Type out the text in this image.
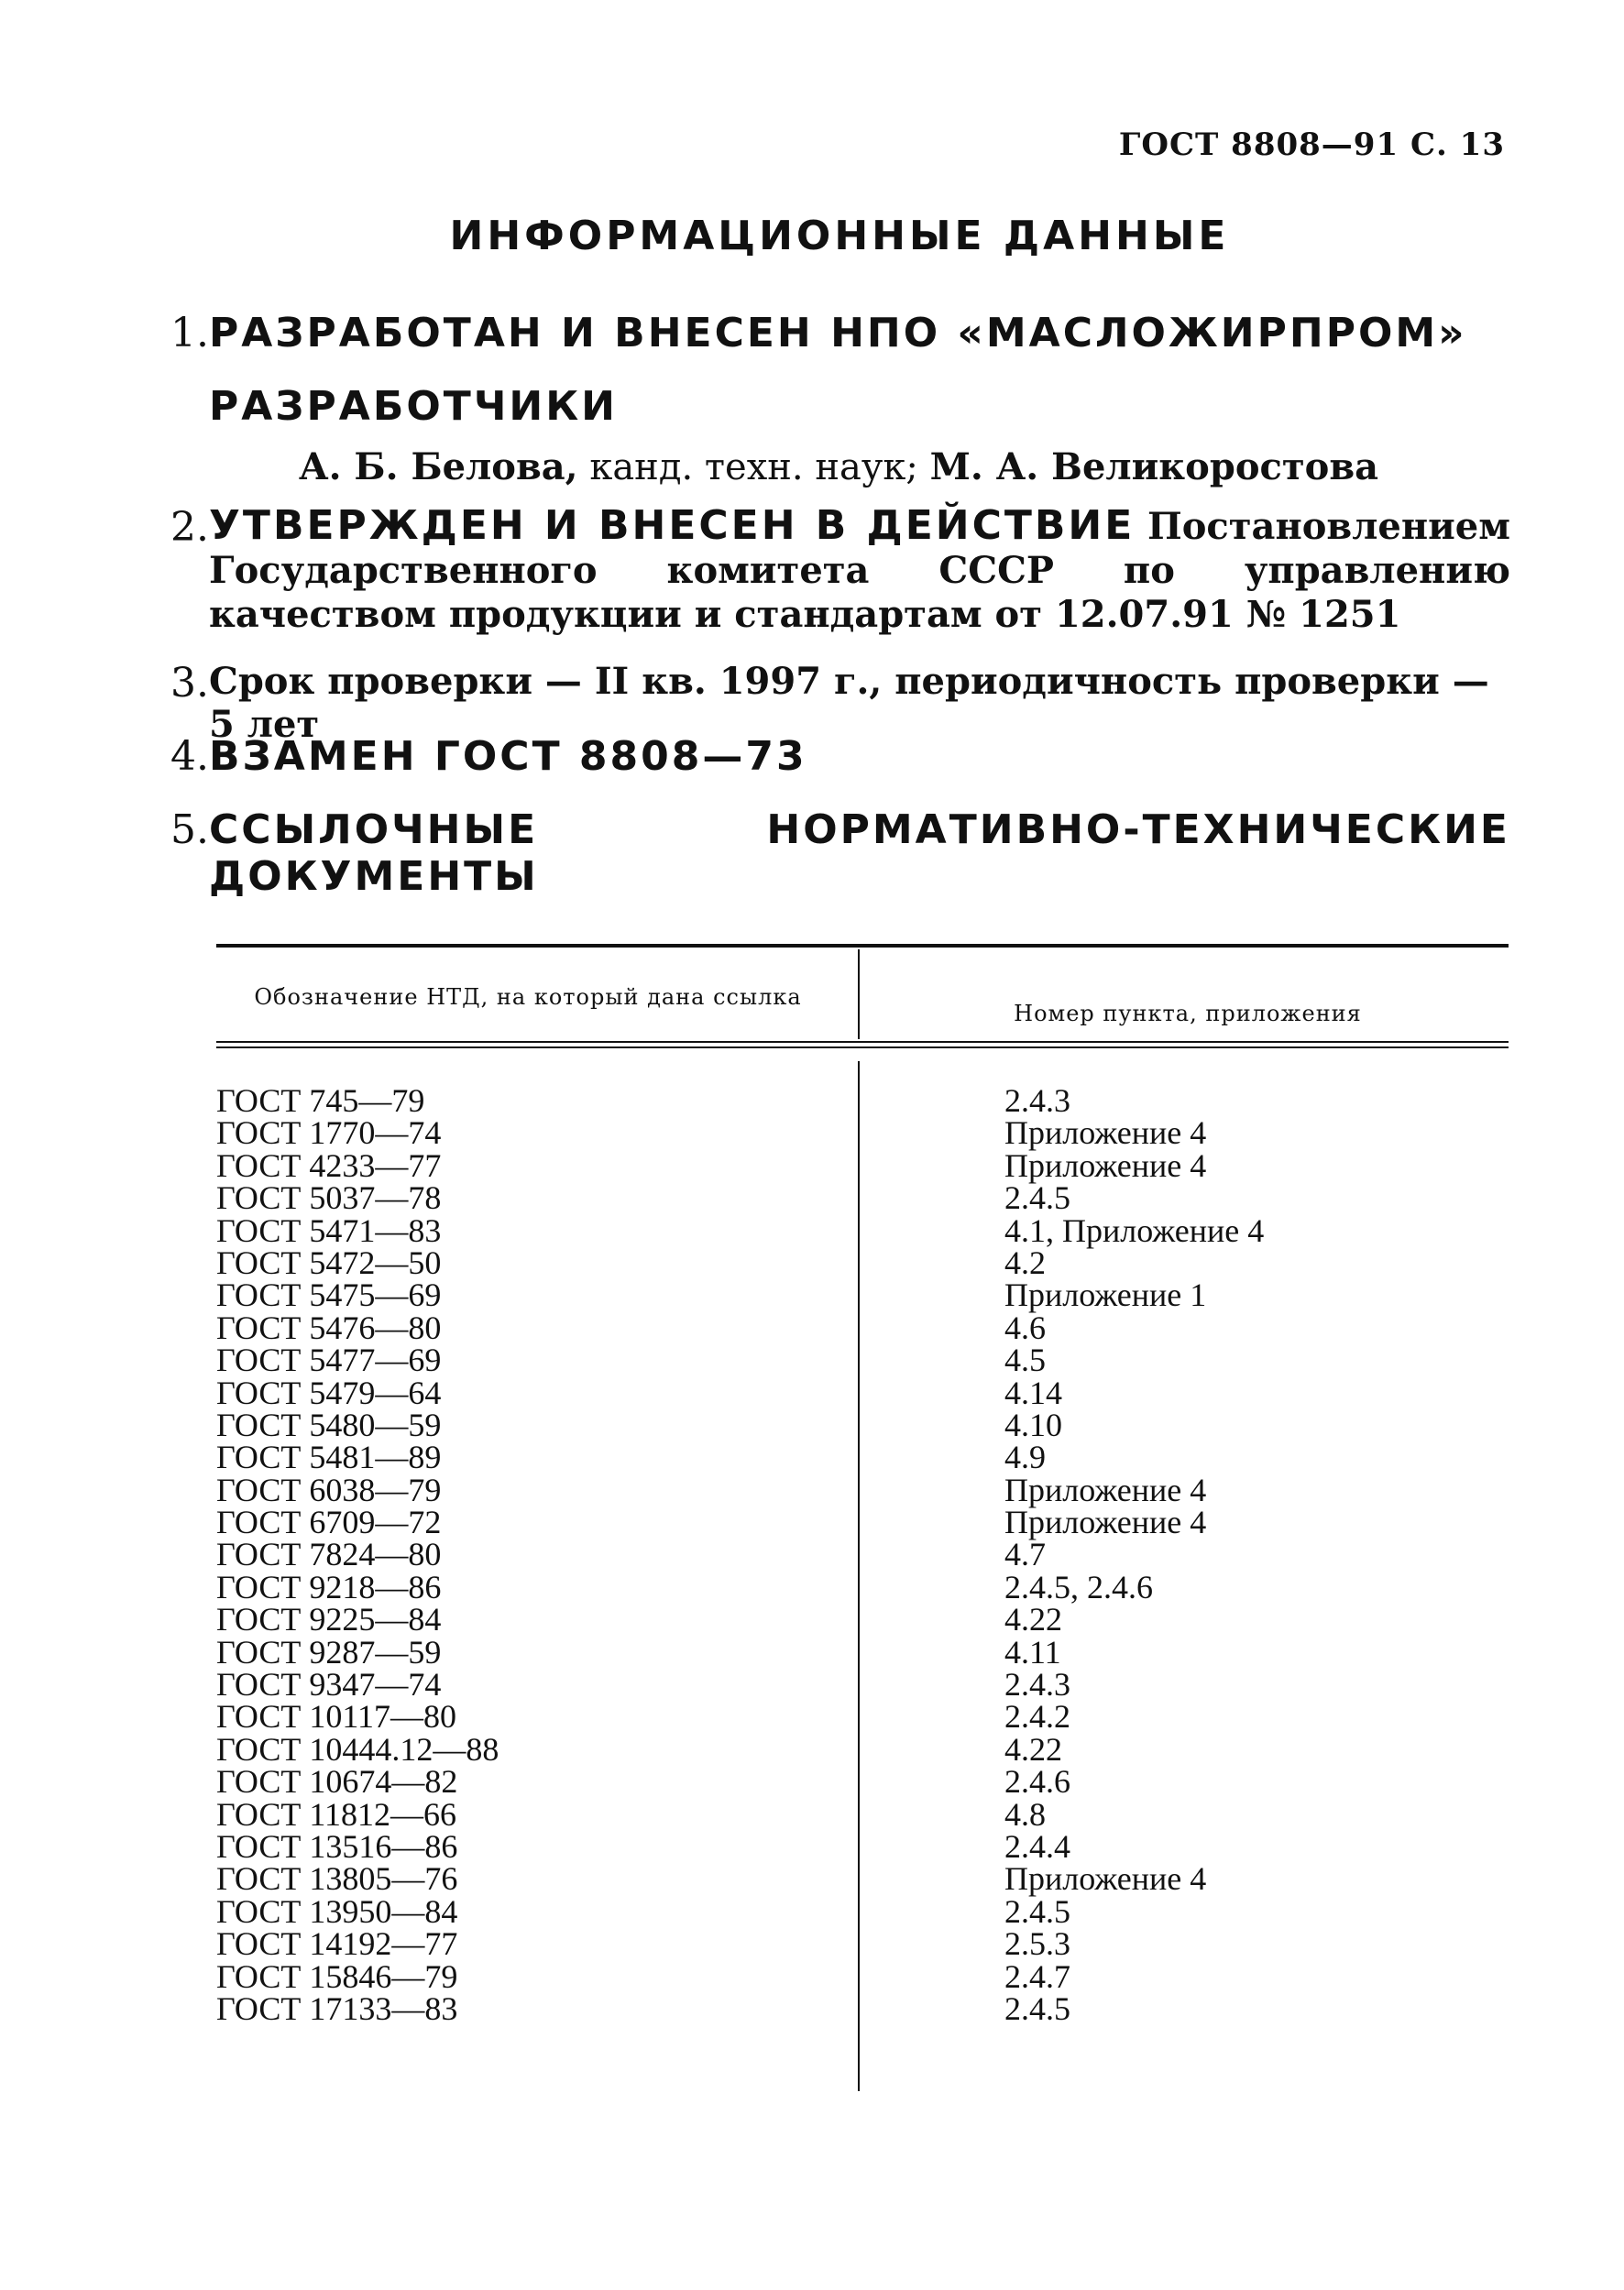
ГОСТ 8808—91 С. 13
ИНФОРМАЦИОННЫЕ ДАННЫЕ
1. РАЗРАБОТАН И ВНЕСЕН НПО «МАСЛОЖИРПРОМ»
РАЗРАБОТЧИКИ
А. Б. Белова, канд. техн. наук; М. А. Великоростова
2. УТВЕРЖДЕН И ВНЕСЕН В ДЕЙСТВИЕ Постановлением Государственного комитета СССР по управлению качеством продукции и стандартам от 12.07.91 № 1251
3. Срок проверки — II кв. 1997 г., периодичность проверки — 5 лет
4. ВЗАМЕН ГОСТ 8808—73
5. ССЫЛОЧНЫЕ НОРМАТИВНО-ТЕХНИЧЕСКИЕ ДОКУМЕНТЫ
Обозначение НТД, на который дана ссылка
Номер пункта, приложения
ГОСТ 745—79	2.4.3
ГОСТ 1770—74	Приложение 4
ГОСТ 4233—77	Приложение 4
ГОСТ 5037—78	2.4.5
ГОСТ 5471—83	4.1, Приложение 4
ГОСТ 5472—50	4.2
ГОСТ 5475—69	Приложение 1
ГОСТ 5476—80	4.6
ГОСТ 5477—69	4.5
ГОСТ 5479—64	4.14
ГОСТ 5480—59	4.10
ГОСТ 5481—89	4.9
ГОСТ 6038—79	Приложение 4
ГОСТ 6709—72	Приложение 4
ГОСТ 7824—80	4.7
ГОСТ 9218—86	2.4.5, 2.4.6
ГОСТ 9225—84	4.22
ГОСТ 9287—59	4.11
ГОСТ 9347—74	2.4.3
ГОСТ 10117—80	2.4.2
ГОСТ 10444.12—88	4.22
ГОСТ 10674—82	2.4.6
ГОСТ 11812—66	4.8
ГОСТ 13516—86	2.4.4
ГОСТ 13805—76	Приложение 4
ГОСТ 13950—84	2.4.5
ГОСТ 14192—77	2.5.3
ГОСТ 15846—79	2.4.7
ГОСТ 17133—83	2.4.5
